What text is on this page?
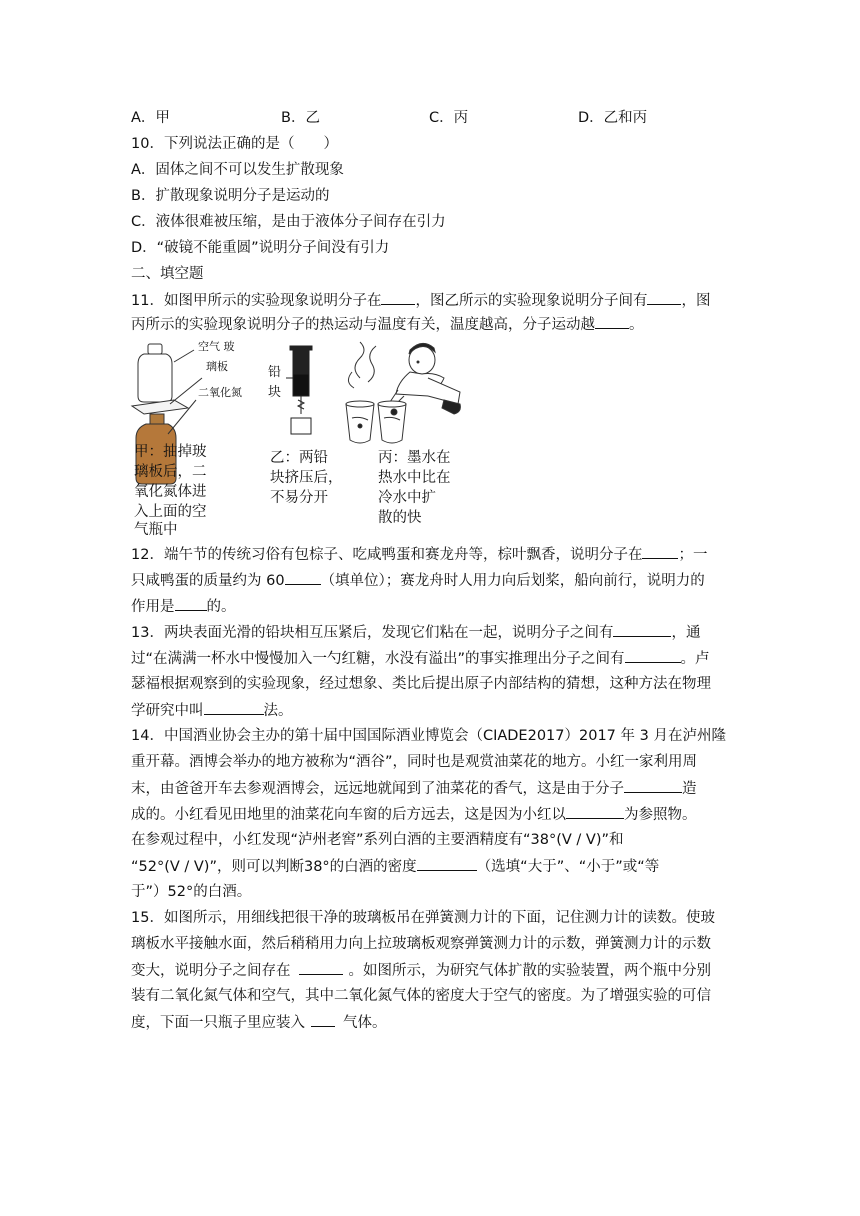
A．甲	B．乙	C．丙	D．乙和丙
10．下列说法正确的是（　　）
A．固体之间不可以发生扩散现象
B．扩散现象说明分子是运动的
C．液体很难被压缩，是由于液体分子间存在引力
D．“破镜不能重圆”说明分子间没有引力
二、填空题
11．如图甲所示的实验现象说明分子在 ，图乙所示的实验现象说明分子间有 ，图
丙所示的实验现象说明分子的热运动与温度有关，温度越高，分子运动越 。
空气 玻
璃板
二氧化氮
铅
块
甲：抽掉玻
璃板后，二
氧化氮体进
入上面的空
气瓶中
乙：两铅
块挤压后，
不易分开
丙：墨水在
热水中比在
冷水中扩
散的快
12．端午节的传统习俗有包棕子、吃咸鸭蛋和赛龙舟等，棕叶飘香，说明分子在 ；一
只咸鸭蛋的质量约为 60 （填单位）；赛龙舟时人用力向后划桨，船向前行，说明力的
作用是 的。
13．两块表面光滑的铅块相互压紧后，发现它们粘在一起，说明分子之间有	，通
过“在满满一杯水中慢慢加入一勺红糖，水没有溢出”的事实推理出分子之间有	。卢
瑟福根据观察到的实验现象，经过想象、类比后提出原子内部结构的猜想，这种方法在物理
学研究中叫	法。
14．中国酒业协会主办的第十届中国国际酒业博览会（CIADE2017）2017 年 3 月在泸州隆
重开幕。酒博会举办的地方被称为“酒谷”，同时也是观赏油菜花的地方。小红一家利用周
末，由爸爸开车去参观酒博会，远远地就闻到了油菜花的香气，这是由于分子	造
成的。小红看见田地里的油菜花向车窗的后方远去，这是因为小红以	为参照物。
在参观过程中，小红发现“泸州老窖”系列白酒的主要酒精度有“38°(V / V)”和
“52°(V / V)”，则可以判断38°的白酒的密度	（选填“大于”、“小于”或“等
于”）52°的白酒。
15．如图所示，用细线把很干净的玻璃板吊在弹簧测力计的下面，记住测力计的读数。使玻
璃板水平接触水面，然后稍稍用力向上拉玻璃板观察弹簧测力计的示数，弹簧测力计的示数
变大，说明分子之间存在	。如图所示，为研究气体扩散的实验装置，两个瓶中分别
装有二氧化氮气体和空气，其中二氧化氮气体的密度大于空气的密度。为了增强实验的可信
度，下面一只瓶子里应装入	气体。
